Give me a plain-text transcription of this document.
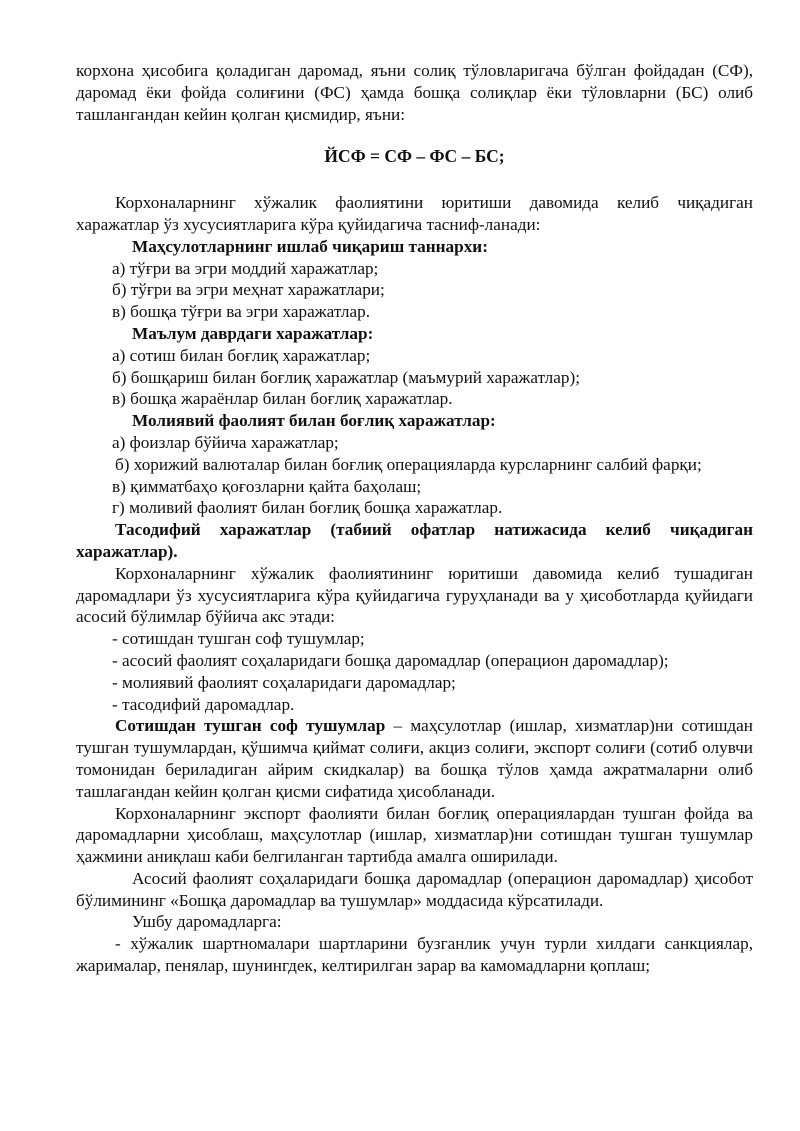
корхона ҳисобига қоладиган даромад, яъни солиқ тўловларигача бўлган фойдадан (СФ), даромад ёки фойда солиғини (ФС) ҳамда бошқа солиқлар ёки тўловларни (БС) олиб ташлангандан кейин қолган қисмидир, яъни:

ЙСФ = СФ – ФС – БС;

Корхоналарнинг хўжалик фаолиятини юритиши давомида келиб чиқадиган харажатлар ўз хусусиятларига кўра қуйидагича тасниф-ланади:

Маҳсулотларнинг ишлаб чиқариш таннархи:

а) тўғри ва эгри моддий харажатлар;

б) тўғри ва эгри меҳнат харажатлари;

в) бошқа тўғри ва эгри харажатлар.

Маълум даврдаги харажатлар:

а) сотиш билан боғлиқ харажатлар;

б) бошқариш билан боғлиқ харажатлар (маъмурий харажатлар);

в) бошқа жараёнлар билан боғлиқ харажатлар.

Молиявий фаолият билан боғлиқ харажатлар:

а) фоизлар бўйича харажатлар;

б) хорижий валюталар билан боғлиқ операцияларда курсларнинг салбий фарқи;

в) қимматбаҳо қоғозларни қайта баҳолаш;

г) моливий фаолият билан боғлиқ бошқа харажатлар.

Тасодифий харажатлар (табиий офатлар натижасида келиб чиқадиган харажатлар).

Корхоналарнинг хўжалик фаолиятининг юритиши давомида келиб тушадиган даромадлари ўз хусусиятларига кўра қуйидагича гуруҳланади ва у ҳисоботларда қуйидаги асосий бўлимлар бўйича акс этади:

- сотишдан тушган соф тушумлар;

- асосий фаолият соҳаларидаги бошқа даромадлар (операцион даромадлар);

- молиявий фаолият соҳаларидаги даромадлар;

- тасодифий даромадлар.

Сотишдан тушган соф тушумлар – маҳсулотлар (ишлар, хизматлар)ни сотишдан тушган тушумлардан, қўшимча қиймат солиғи, акциз солиғи, экспорт солиғи (сотиб олувчи томонидан бериладиган айрим скидкалар) ва бошқа тўлов ҳамда ажратмаларни олиб ташлагандан кейин қолган қисми сифатида ҳисобланади.

Корхоналарнинг экспорт фаолияти билан боғлиқ операциялардан тушган фойда ва даромадларни ҳисоблаш, маҳсулотлар (ишлар, хизматлар)ни сотишдан тушган тушумлар ҳажмини аниқлаш каби белгиланган тартибда амалга оширилади.

Асосий фаолият соҳаларидаги бошқа даромадлар (операцион даромадлар) ҳисобот бўлимининг «Бошқа даромадлар ва тушумлар» моддасида кўрсатилади.

Ушбу даромадларга:

- хўжалик шартномалари шартларини бузганлик учун турли хилдаги санкциялар, жарималар, пенялар, шунингдек, келтирилган зарар ва камомадларни қоплаш;
